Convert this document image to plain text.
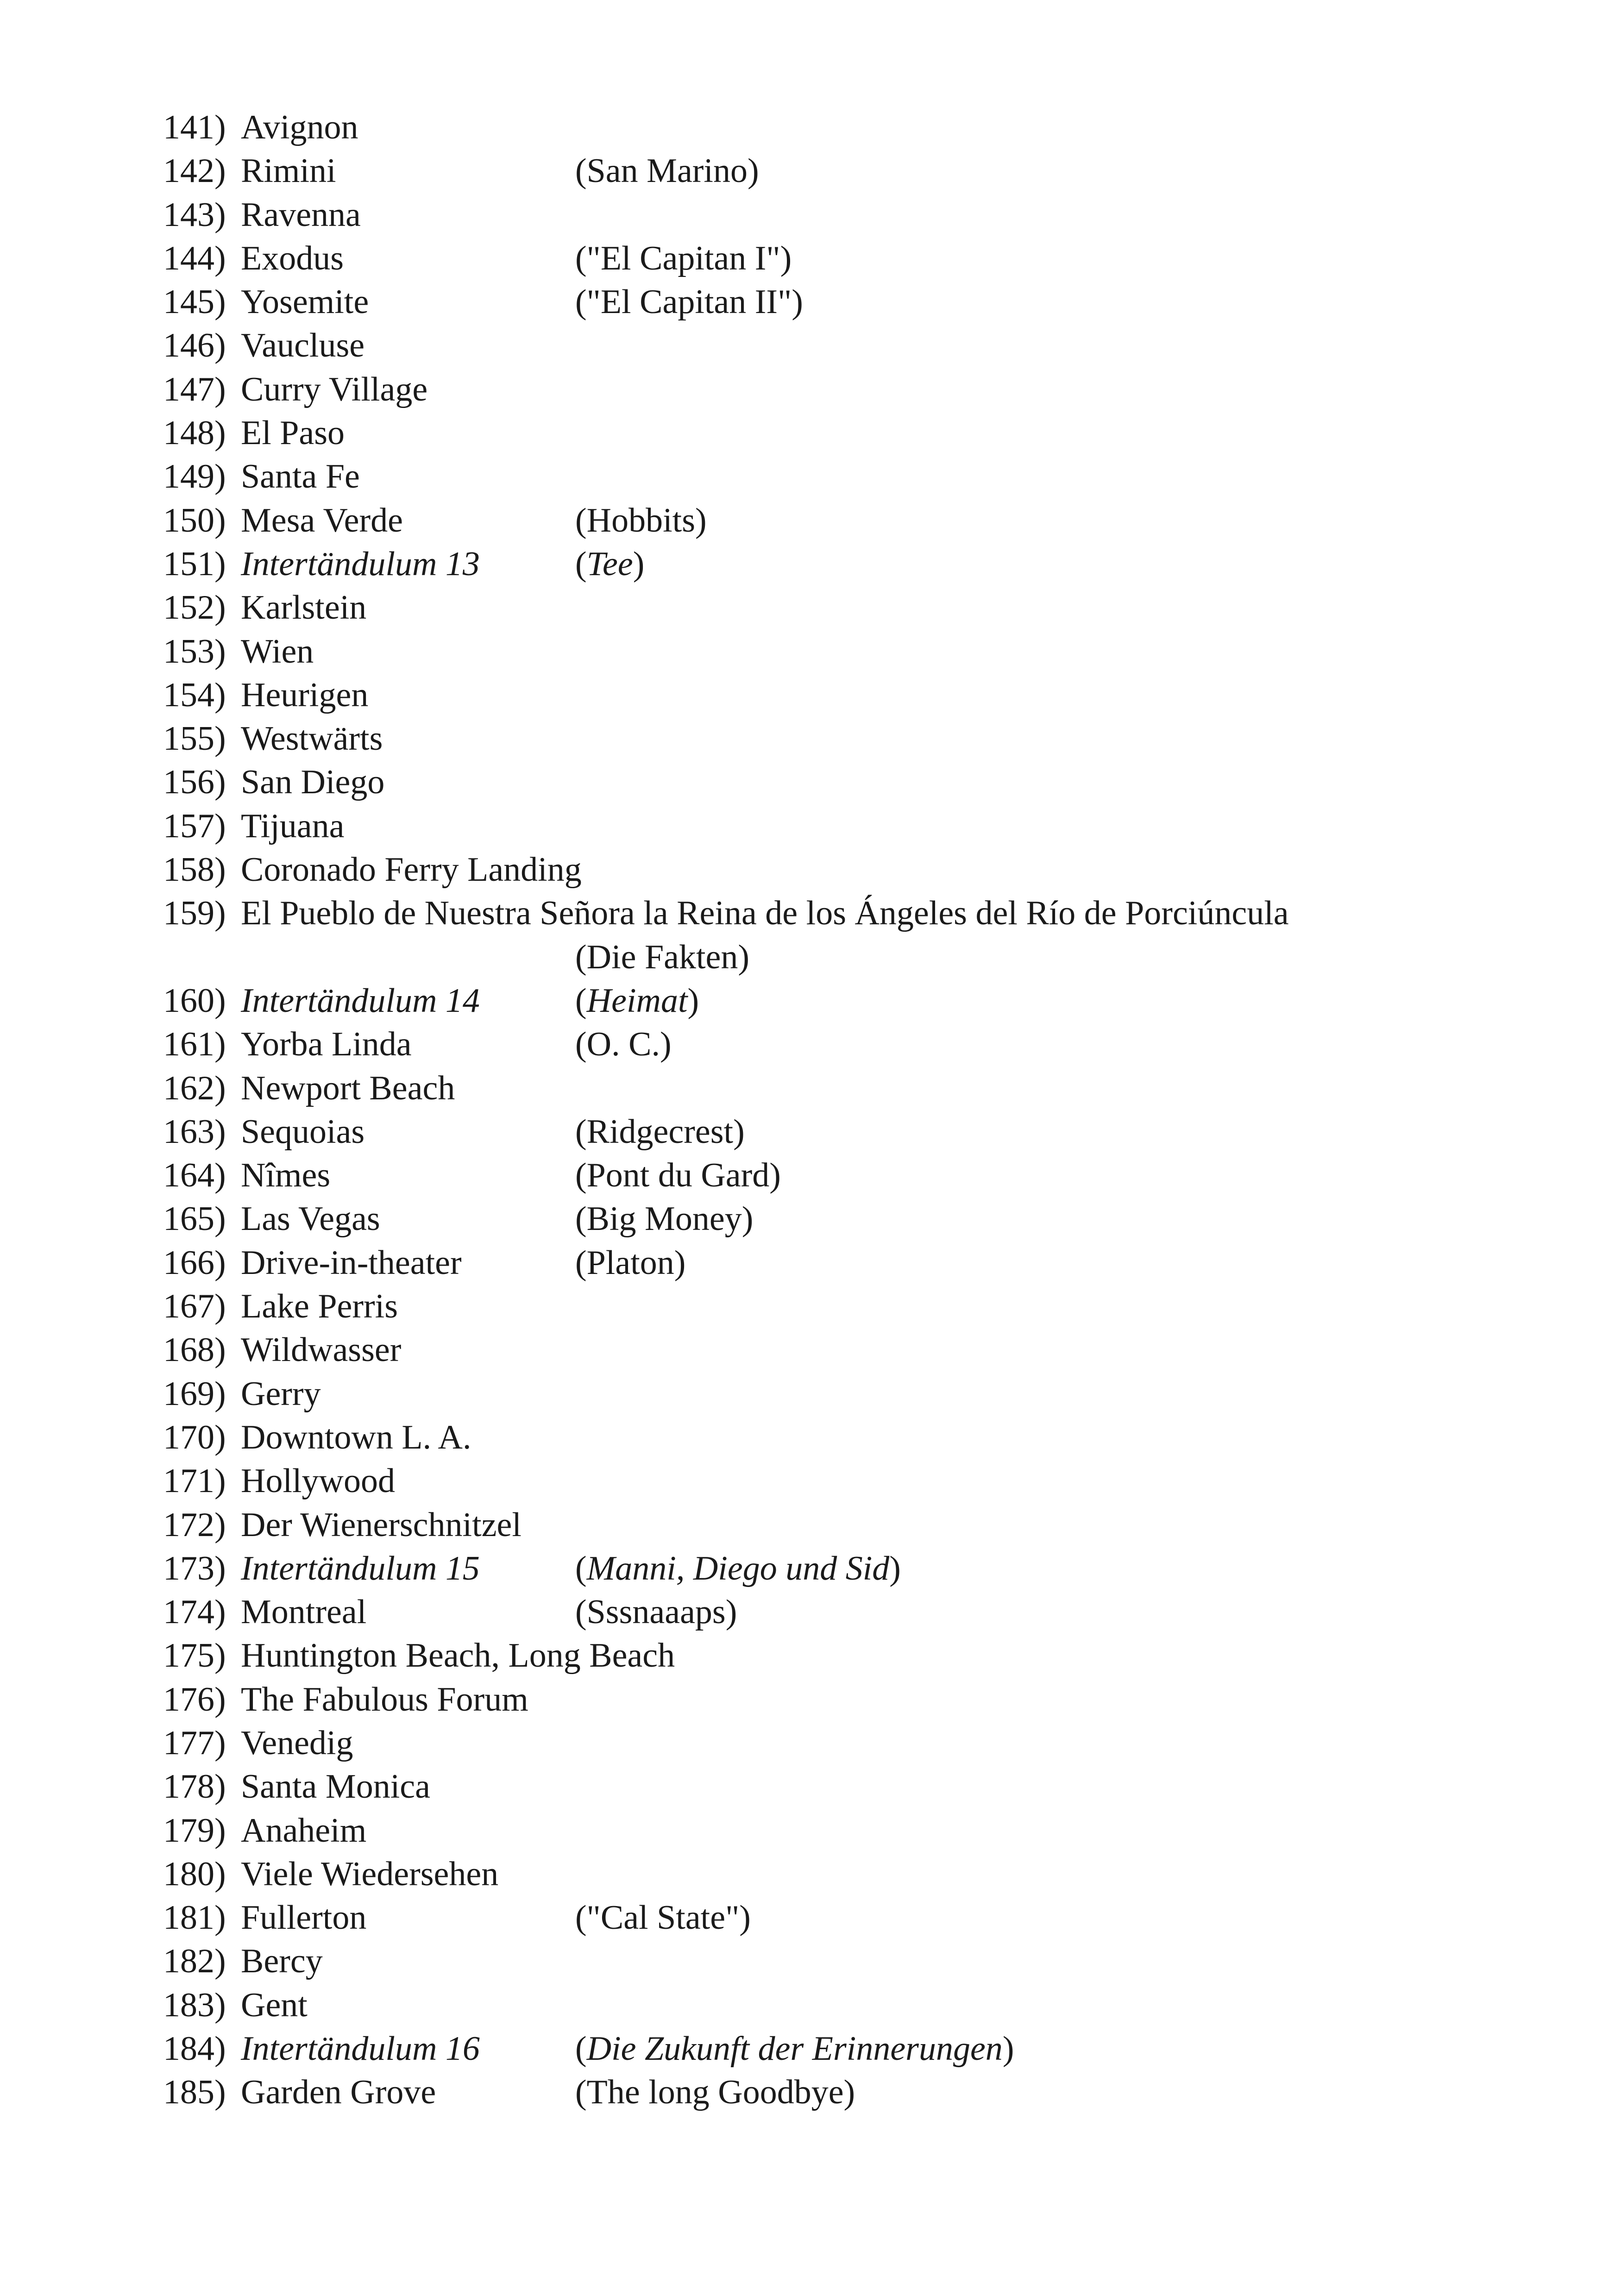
141) Avignon
142) Rimini	(San Marino)
143) Ravenna
144) Exodus	("El Capitan I")
145) Yosemite	("El Capitan II")
146) Vaucluse
147) Curry Village
148) El Paso
149) Santa Fe
150) Mesa Verde	(Hobbits)
151) Intertändulum 13	(Tee)
152) Karlstein
153) Wien
154) Heurigen
155) Westwärts
156) San Diego
157) Tijuana
158) Coronado Ferry Landing
159) El Pueblo de Nuestra Señora la Reina de los Ángeles del Río de Porciúncula
(Die Fakten)
160) Intertändulum 14	(Heimat)
161) Yorba Linda	(O. C.)
162) Newport Beach
163) Sequoias	(Ridgecrest)
164) Nîmes	(Pont du Gard)
165) Las Vegas	(Big Money)
166) Drive-in-theater	(Platon)
167) Lake Perris
168) Wildwasser
169) Gerry
170) Downtown L. A.
171) Hollywood
172) Der Wienerschnitzel
173) Intertändulum 15	(Manni, Diego und Sid)
174) Montreal	(Sssnaaaps)
175) Huntington Beach, Long Beach
176) The Fabulous Forum
177) Venedig
178) Santa Monica
179) Anaheim
180) Viele Wiedersehen
181) Fullerton	("Cal State")
182) Bercy
183) Gent
184) Intertändulum 16	(Die Zukunft der Erinnerungen)
185) Garden Grove	(The long Goodbye)
